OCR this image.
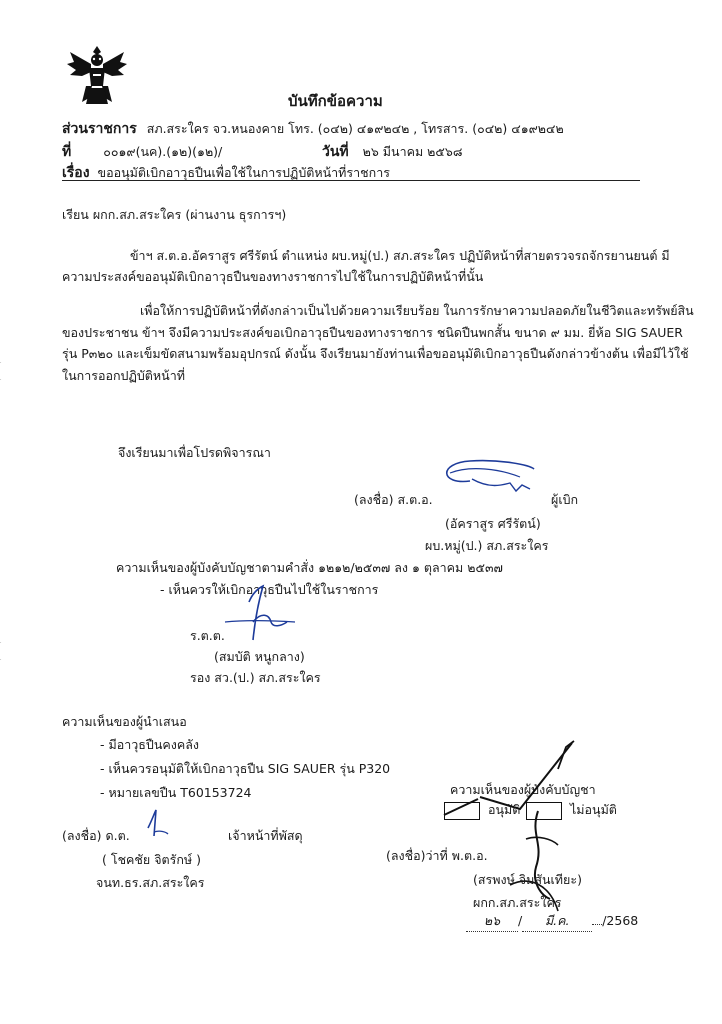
บันทึกข้อความ
ส่วนราชการ สภ.สระใคร จว.หนองคาย โทร. (๐๔๒) ๔๑๙๒๔๒ , โทรสาร. (๐๔๒) ๔๑๙๒๔๒
ที่	๐๐๑๙(นค).(๑๒)(๑๒)/	วันที่ ๒๖ มีนาคม ๒๕๖๘
เรื่อง ขออนุมัติเบิกอาวุธปืนเพื่อใช้ในการปฏิบัติหน้าที่ราชการ
เรียน ผกก.สภ.สระใคร (ผ่านงาน ธุรการฯ)
ข้าฯ ส.ต.อ.อัคราสูร ศรีรัตน์ ตำแหน่ง ผบ.หมู่(ป.) สภ.สระใคร ปฏิบัติหน้าที่สายตรวจรถจักรยานยนต์ มี
ความประสงค์ขออนุมัติเบิกอาวุธปืนของทางราชการไปใช้ในการปฏิบัติหน้าที่นั้น
เพื่อให้การปฏิบัติหน้าที่ดังกล่าวเป็นไปด้วยความเรียบร้อย ในการรักษาความปลอดภัยในชีวิตและทรัพย์สิน
ของประชาชน ข้าฯ จึงมีความประสงค์ขอเบิกอาวุธปืนของทางราชการ ชนิดปืนพกสั้น ขนาด ๙ มม. ยี่ห้อ SIG SAUER
รุ่น P๓๒๐ และเข็มขัดสนามพร้อมอุปกรณ์ ดังนั้น จึงเรียนมายังท่านเพื่อขออนุมัติเบิกอาวุธปืนดังกล่าวข้างต้น เพื่อมีไว้ใช้
ในการออกปฏิบัติหน้าที่
จึงเรียนมาเพื่อโปรดพิจารณา
(ลงชื่อ) ส.ต.อ.	ผู้เบิก
(อัคราสูร ศรีรัตน์)
ผบ.หมู่(ป.) สภ.สระใคร
ความเห็นของผู้บังคับบัญชาตามคำสั่ง ๑๒๑๒/๒๕๓๗ ลง ๑ ตุลาคม ๒๕๓๗
- เห็นควรให้เบิกอาวุธปืนไปใช้ในราชการ
ร.ต.ต.
(สมบัติ หนูกลาง)
รอง สว.(ป.) สภ.สระใคร
ความเห็นของผู้นำเสนอ
- มีอาวุธปืนคงคลัง
- เห็นควรอนุมัติให้เบิกอาวุธปืน SIG SAUER รุ่น P320
- หมายเลขปืน T60153724
(ลงชื่อ) ด.ต.	เจ้าหน้าที่พัสดุ
( โชคชัย จิตรักษ์ )
จนท.ธร.สภ.สระใคร
ความเห็นของผู้บังคับบัญชา
อนุมัติ	ไม่อนุมัติ
(ลงชื่อ)ว่าที่ พ.ต.อ.
(สรพงษ์ จิมสันเทียะ)
ผกก.สภ.สระใคร
๒๖ / มี.ค.	/2568
